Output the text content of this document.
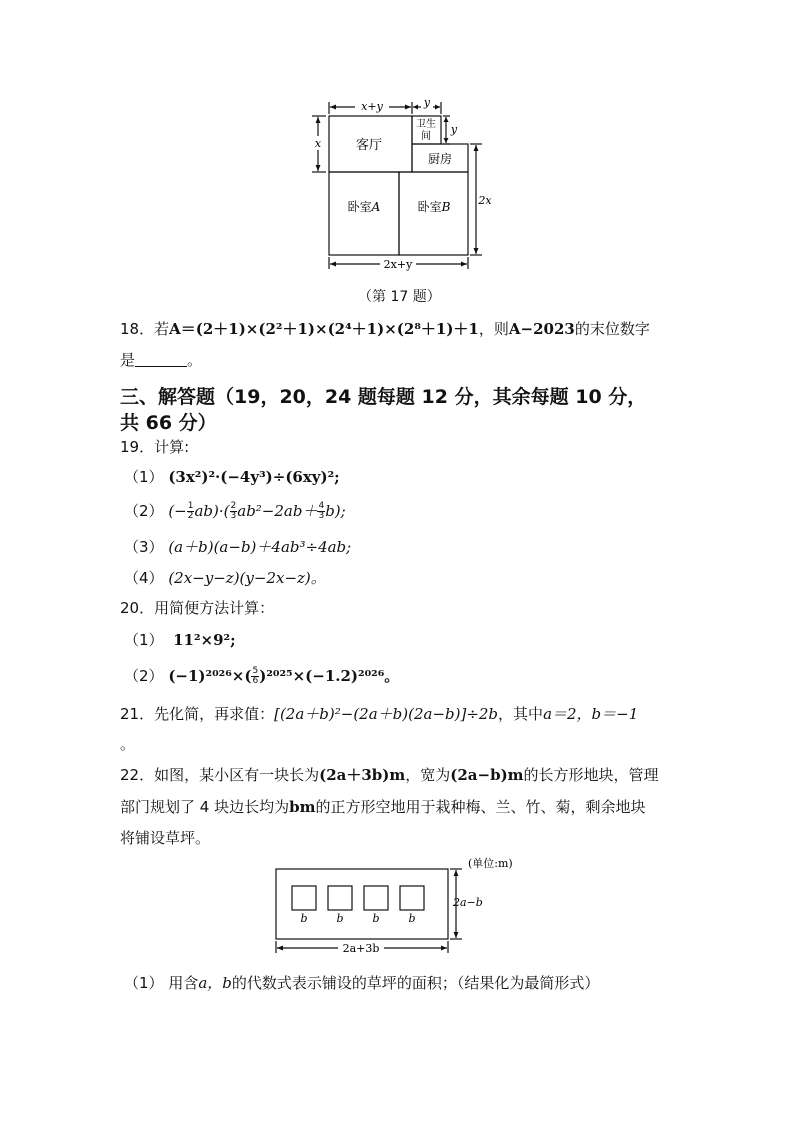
x+y	y
x
y
2x
2x+y
客厅
卫生
间
厨房
卧室A	卧室B
（第 17 题）
18．若A＝(2＋1)×(2²＋1)×(2⁴＋1)×(2⁸＋1)＋1，则A−2023的末位数字
是	。
三、解答题（19，20，24 题每题 12 分，其余每题 10 分，
共 66 分）
19．计算:
（1） (3x²)²·(−4y³)÷(6xy)²;
（2） (− $\frac{1}{2} ab)\cdot( \frac{2}{3} ab^2-2ab+ \frac{4}{3} b)$;
（3） (a＋b)(a−b)＋4ab³÷4ab;
（4） (2x−y−z)(y−2x−z)。
20．用简便方法计算：
（1） 11²×9²;
（2） $(-1)^{2026}\times( \frac{5}{6} )^{2025}\times(-1.2)^{2026}$。
21．先化简，再求值：[(2a＋b)²−(2a＋b)(2a−b)]÷2b，其中a＝2，b＝−1
。
22．如图，某小区有一块长为(2a＋3b)m，宽为(2a−b)m的长方形地块，管理
部门规划了 4 块边长均为bm的正方形空地用于栽种梅、兰、竹、菊，剩余地块
将铺设草坪。
(单位:m)
2a−b
2a+3b
b	b	b	b
（1） 用含a，b的代数式表示铺设的草坪的面积；（结果化为最简形式）
